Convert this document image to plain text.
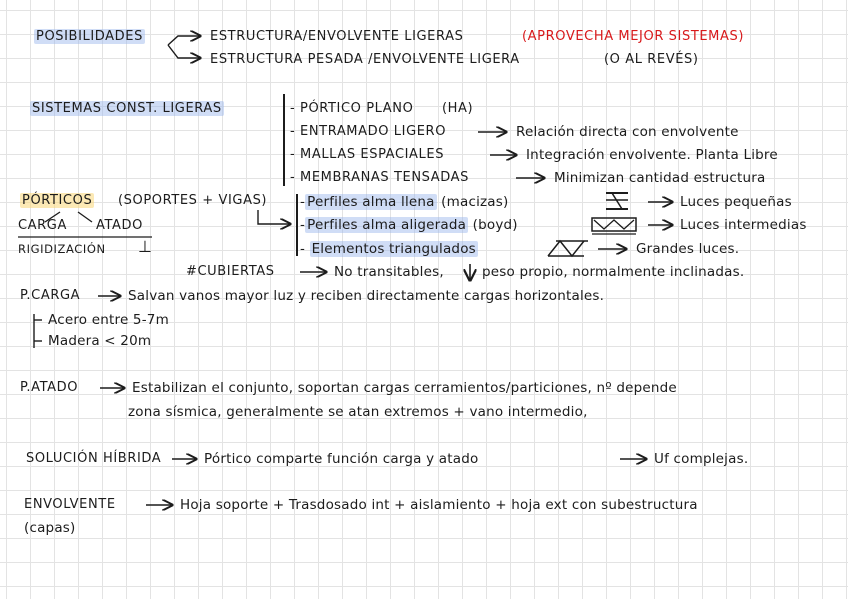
POSIBILIDADES	ESTRUCTURA/ENVOLVENTE LIGERAS	(APROVECHA MEJOR SISTEMAS)
ESTRUCTURA PESADA /ENVOLVENTE LIGERA	(O AL REVÉS)
SISTEMAS CONST. LIGERAS	- PÓRTICO PLANO (HA)
- ENTRAMADO LIGERO	Relación directa con envolvente
- MALLAS ESPACIALES	Integración envolvente. Planta Libre
- MEMBRANAS TENSADAS	Minimizan cantidad estructura
PÓRTICOS (SOPORTES + VIGAS)
CARGA ATADO
RIGIDIZACIÓN ⊥
- Perfiles alma llena (macizas)	Luces pequeñas
- Perfiles alma aligerada (boyd)	Luces intermedias
- Elementos triangulados	Grandes luces.
#CUBIERTAS	No transitables,	peso propio, normalmente inclinadas.
P.CARGA	Salvan vanos mayor luz y reciben directamente cargas horizontales.
Acero entre 5-7m
Madera < 20m
P.ATADO	Estabilizan el conjunto, soportan cargas cerramientos/particiones, nº depende
zona sísmica, generalmente se atan extremos + vano intermedio,
SOLUCIÓN HÍBRIDA	Pórtico comparte función carga y atado	Uf complejas.
ENVOLVENTE	Hoja soporte + Trasdosado int + aislamiento + hoja ext con subestructura
(capas)
